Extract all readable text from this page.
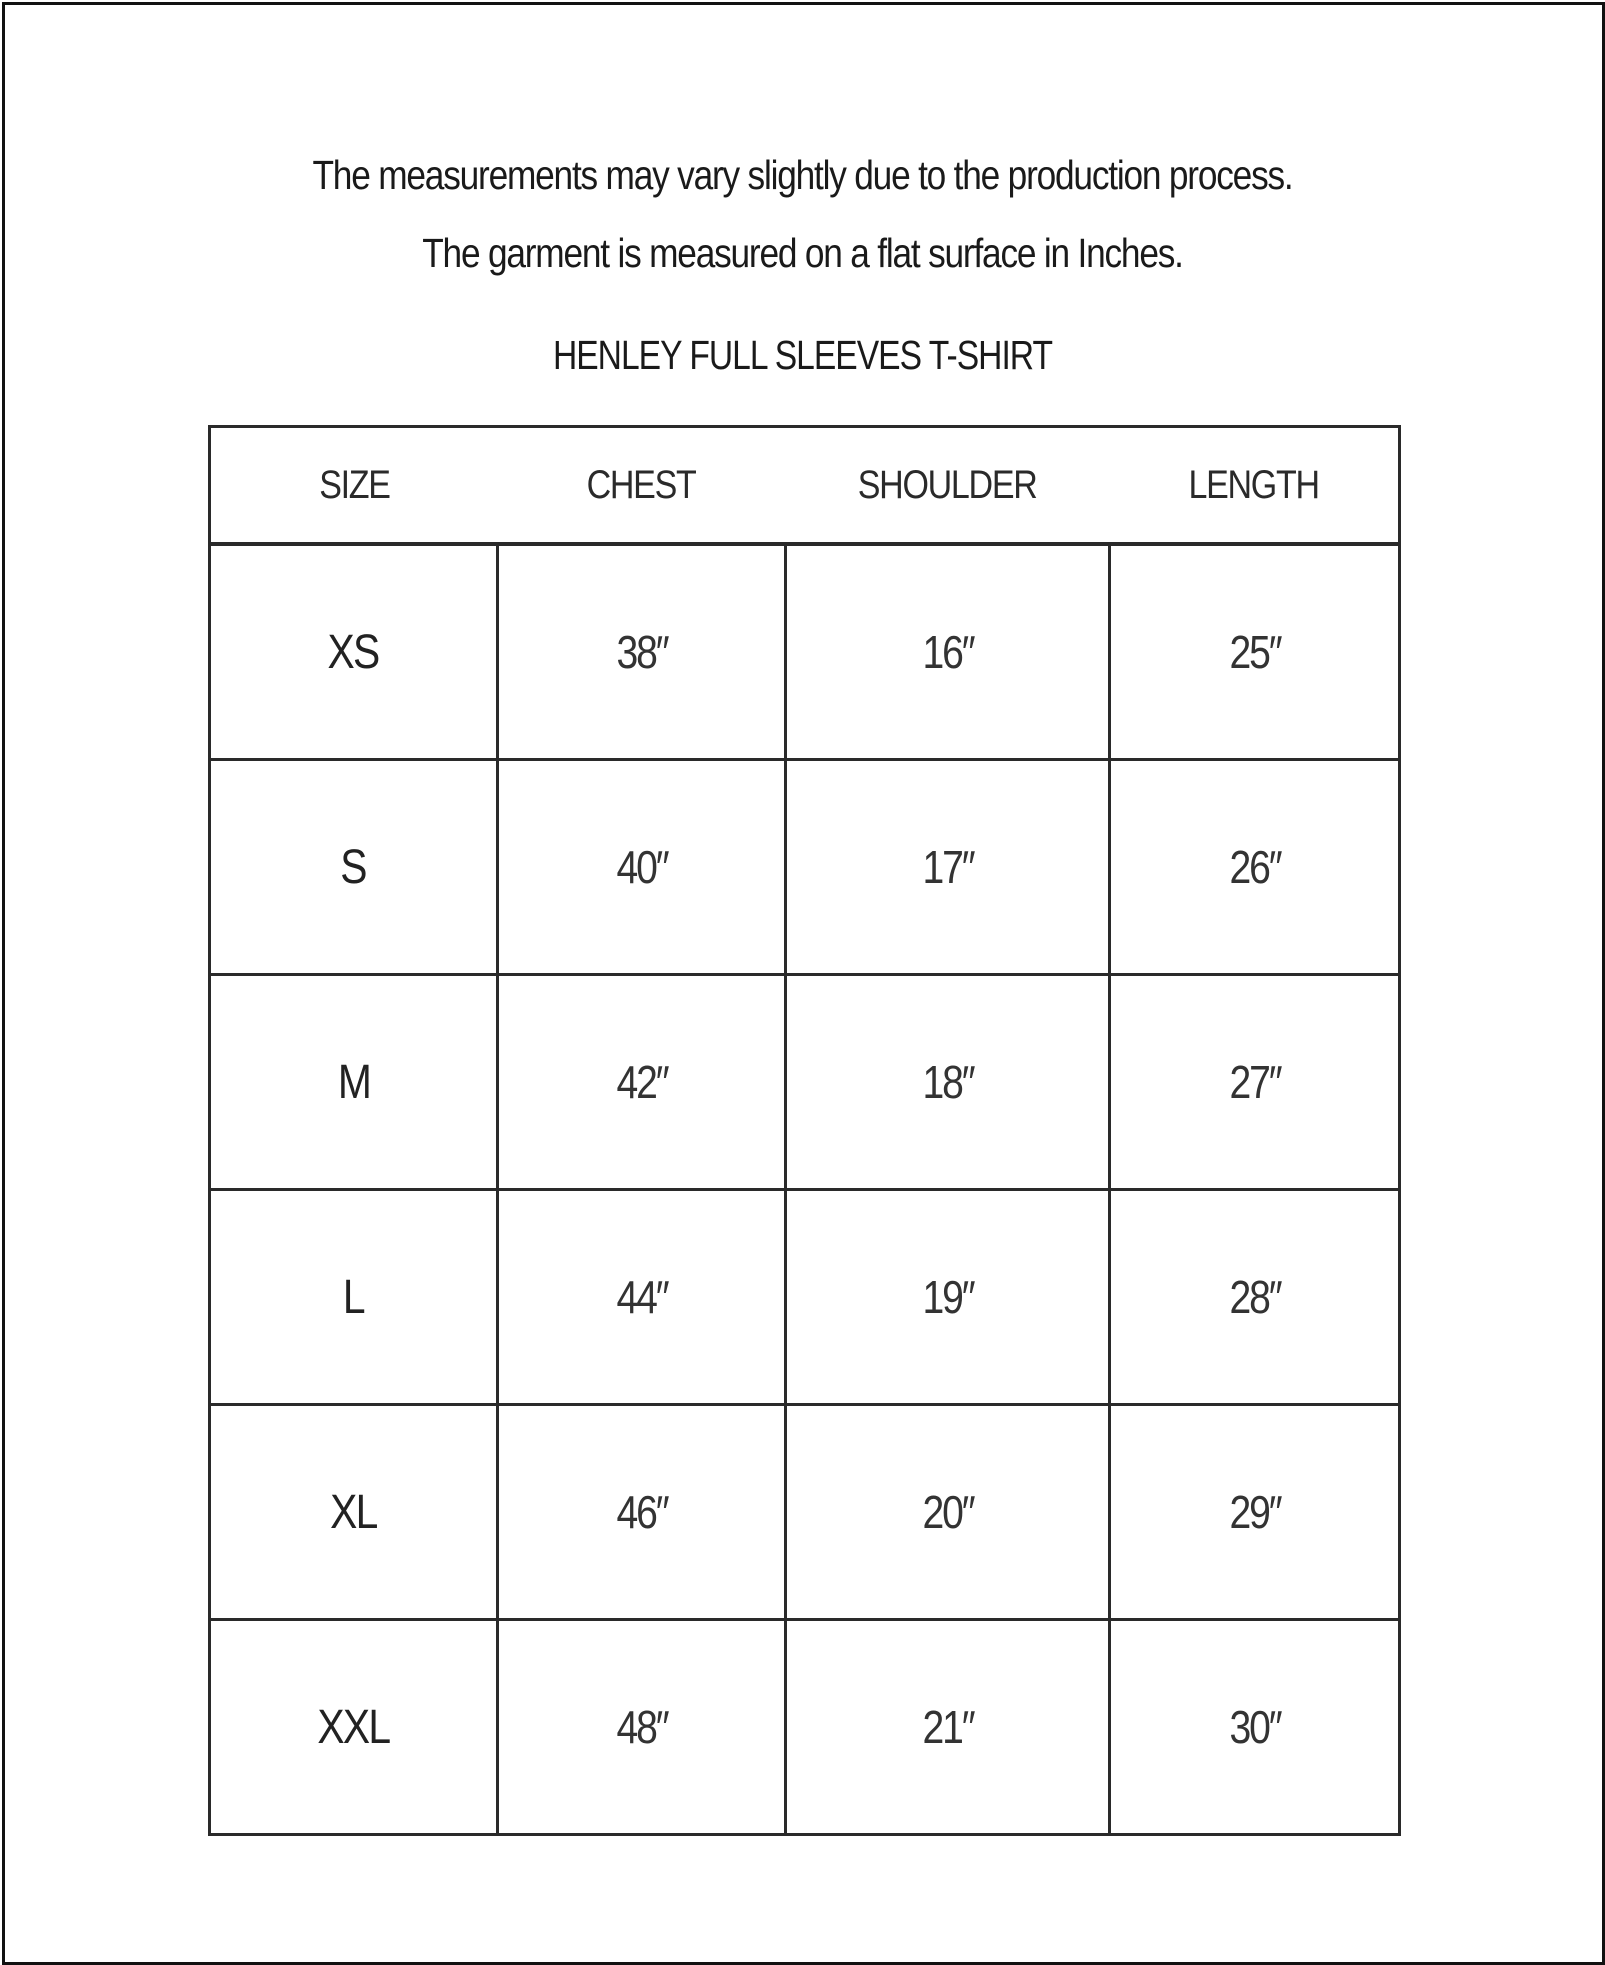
The measurements may vary slightly due to the production process.
The garment is measured on a flat surface in Inches.
HENLEY FULL SLEEVES T-SHIRT
SIZE	CHEST	SHOULDER	LENGTH
XS	38″	16″	25″
S	40″	17″	26″
M	42″	18″	27″
L	44″	19″	28″
XL	46″	20″	29″
XXL	48″	21″	30″
